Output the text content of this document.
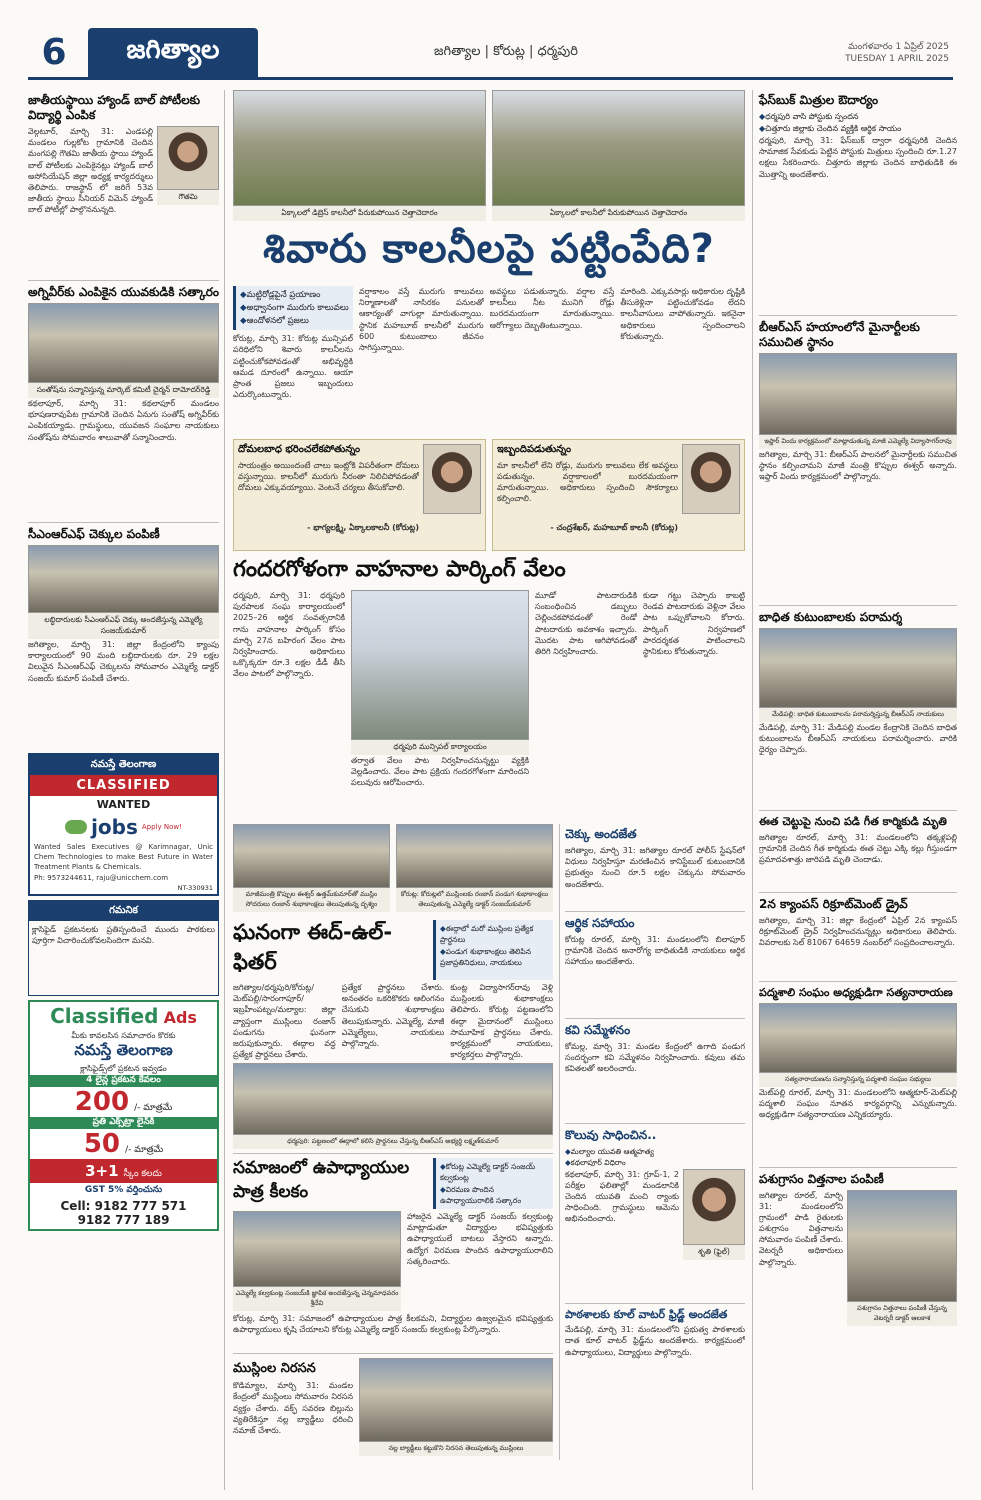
6	జగిత్యాల	జగిత్యాల | కోరుట్ల | ధర్మపురి	మంగళవారం 1 ఏప్రిల్ 2025
TUESDAY 1 APRIL 2025
జాతీయస్థాయి హ్యాండ్ బాల్ పోటీలకు విద్యార్థి ఎంపిక
వెల్గటూర్, మార్చి 31: ఎండపల్లి మండలం గుల్లకోట గ్రామానికి చెందిన మంగపల్లి గౌతమి జాతీయ స్థాయి హ్యాండ్ బాల్ పోటీలకు ఎంపికైనట్లు హ్యాండ్ బాల్ అసోసియేషన్ జిల్లా అధ్యక్ష కార్యదర్శులు తెలిపారు. రాజస్థాన్ లో జరిగే 53వ జాతీయ స్థాయి సీనియర్ విమెన్ హ్యాండ్ బాల్ పోటీల్లో పాల్గొననున్నది.
గౌతమి
అగ్నివీర్‌కు ఎంపికైన యువకుడికి సత్కారం
సంతోష్‌ను సన్మానిస్తున్న మార్కెట్ కమిటీ చైర్మన్ దామోదర్‌రెడ్డి
కథలాపూర్, మార్చి 31: కథలాపూర్ మండలం భూషణరావుపేట గ్రామానికి చెందిన ఏనుగు సంతోష్ అగ్నివీర్‌కు ఎంపికయ్యాడు. గ్రామస్థులు, యువజన సంఘాల నాయకులు సంతోష్‌ను సోమవారం శాలువాతో సన్మానించారు.
సీఎంఆర్ఎఫ్ చెక్కుల పంపిణీ
లబ్ధిదారులకు సీఎంఆర్ఎఫ్ చెక్కు అందజేస్తున్న ఎమ్మెల్యే సంజయ్‌కుమార్
జగిత్యాల, మార్చి 31: జిల్లా కేంద్రంలోని క్యాంపు కార్యాలయంలో 90 మంది లబ్ధిదారులకు రూ. 29 లక్షల విలువైన సీఎంఆర్ఎఫ్ చెక్కులను సోమవారం ఎమ్మెల్యే డాక్టర్ సంజయ్ కుమార్ పంపిణీ చేశారు.
నమస్తే తెలంగాణ
CLASSIFIED
WANTED
jobs Apply Now!
Wanted Sales Executives @ Karimnagar, Unic Chem Technologies to make Best Future in Water Treatment Plants & Chemicals.
Ph: 9573244611, raju@unicchem.com
NT-330931
గమనిక
క్లాసిఫైడ్ ప్రకటనలకు ప్రతిస్పందించే ముందు పాఠకులు పూర్తిగా విచారించుకోవలసిందిగా మనవి.
Classified Ads
మీకు కావలసిన సమాచారం కొరకు
నమస్తే తెలంగాణ
క్లాసిఫైడ్స్‌లో ప్రకటన ఇవ్వడం
4 లైన్ల ప్రకటన కేవలం
200 /- మాత్రమే
ప్రతి ఎక్స్‌ట్రా లైన్‌కి
50 /- మాత్రమే
3+1 స్కీం కలదు
GST 5% వర్తించును
Cell: 9182 777 571
9182 777 189
ఏక్కాలలో డిబ్రెస్ కాలనీలో పేరుకుపోయిన చెత్తాచెదారం	ఏక్కాలలో కాలనీలో పేరుకుపోయిన చెత్తాచెదారం
శివారు కాలనీలపై పట్టింపేది?
◆ మట్టిరోడ్లపైనే ప్రయాణం
◆ అధ్వానంగా మురుగు కాలువలు
◆ ఆందోళనలో ప్రజలు
కోరుట్ల, మార్చి 31: కోరుట్ల మున్సిపల్ పరిధిలోని శివారు కాలనీలను పట్టించుకోకపోవడంతో అభివృద్ధికి ఆమడ దూరంలో ఉన్నాయి. ఆయా ప్రాంత ప్రజలు ఇబ్బందులు ఎదుర్కొంటున్నారు.
వర్షాకాలం వస్తే మురుగు కాలువలు నిర్మాణాలతో నాసిరకం పనులతో ఆకార్యంతో వాగుల్లా మారుతున్నాయి. స్థానిక మహబూబ్ కాలనీలో మురుగు 600 కుటుంబాలు జీవనం సాగిస్తున్నాయి.
అవస్థలు పడుతున్నారు. వర్షాల వస్తే కాలనీలు నీట మునిగి రోడ్లు బురదమయంగా మారుతున్నాయి. ఆరోగ్యాలు దెబ్బతింటున్నాయి.
మారింది. ఎక్కువసార్లు అధికారుల దృష్టికి తీసుకెళ్లినా పట్టించుకోవడం లేదని కాలనీవాసులు వాపోతున్నారు. ఇకనైనా అధికారులు స్పందించాలని కోరుతున్నారు.
దోమలబాధ భరించలేకపోతున్నం
సాయంత్రం అయిందంటే చాలు ఇంట్లోకి విపరీతంగా దోమలు వస్తున్నాయి. కాలనీలో మురుగు నీరంతా నిలిచిపోవడంతో దోమలు ఎక్కువయ్యాయి. వెంటనే చర్యలు తీసుకోవాలి.
- భాగ్యలక్ష్మి, ఏక్కాలకాలనీ (కోరుట్ల)
ఇబ్బందిపడుతున్నం
మా కాలనీలో లేని రోడ్లు, మురుగు కాలువలు లేక అవస్థలు పడుతున్నం. వర్షాకాలంలో బురదమయంగా మారుతున్నాయి. అధికారులు స్పందించి సౌకర్యాలు కల్పించాలి.
- చంద్రశేఖర్, మహబూబ్ కాలనీ (కోరుట్ల)
గందరగోళంగా వాహనాల పార్కింగ్ వేలం
ధర్మపురి, మార్చి 31: ధర్మపురి పురపాలక సంఘ కార్యాలయంలో 2025–26 ఆర్థిక సంవత్సరానికి గాను వాహనాల పార్కింగ్ కోసం మార్చి 27న బహిరంగ వేలం పాట నిర్వహించారు. అధికారులు ఒక్కొక్కరూ రూ.3 లక్షల డీడీ తీసి వేలం పాటలో పాల్గొన్నారు.
ధర్మపురి మున్సిపల్ కార్యాలయం
తర్వాత వేలం పాట నిర్వహించనున్నట్టు వ్యక్తికి వెల్లడించారు. వేలం పాట ప్రక్రియ గందరగోళంగా మారిందని పలువురు ఆరోపించారు.
మూడో పాటదారుడికి సంబంధించిన డబ్బులు చెల్లించకపోవడంతో రెండో పాటదారుకు అవకాశం ఇచ్చారు. మొదట పాట ఆగిపోవడంతో తిరిగి నిర్వహించారు.
కుడా గట్టు చెప్పారు కాబట్టి రెండవ పాటదారుకు వెళ్లినా వేలం పాట ఒప్పుకోవాలని కోరారు. పార్కింగ్ నిర్వహణలో పారదర్శకత పాటించాలని స్థానికులు కోరుతున్నారు.
మాజీమంత్రి కొప్పుల ఈశ్వర్ ఉత్తమ్‌కుమార్‌తో ముస్లిం సోదరులు రంజాన్ శుభాకాంక్షలు తెలుపుతున్న దృశ్యం
కోరుట్ల: కోరుట్లలో ముస్లింలకు రంజాన్ పండుగ శుభాకాంక్షలు తెలుపుతున్న ఎమ్మెల్యే డాక్టర్ సంజయ్‌కుమార్
ఘనంగా ఈద్-ఉల్-ఫితర్
◆ ఈద్గాలో మరో ముస్లింల ప్రత్యేక ప్రార్థనలు
◆ పండుగ శుభాకాంక్షలు తెలిపిన ప్రజాప్రతినిధులు, నాయకులు
జగిత్యాల/ధర్మపురి/కోరుట్ల/మెట్‌పల్లి/సారంగాపూర్/ఇబ్రహీంపట్నం/మల్యాల: జిల్లా వ్యాప్తంగా ముస్లింలు రంజాన్ పండుగను ఘనంగా జరుపుకున్నారు. ఈద్గాల వద్ద ప్రత్యేక ప్రార్థనలు చేశారు.
ప్రత్యేక ప్రార్థనలు చేశారు. అనంతరం ఒకరికొకరు ఆలింగనం చేసుకుని శుభాకాంక్షలు తెలుపుకున్నారు. ఎమ్మెల్యే, మాజీ ఎమ్మెల్యేలు, నాయకులు పాల్గొన్నారు.
కుంట్ల విద్యాసాగర్‌రావు వెళ్లి ముస్లింలకు శుభాకాంక్షలు తెలిపారు. కోరుట్ల పట్టణంలోని ఈద్గా మైదానంలో ముస్లింలు సామూహిక ప్రార్థనలు చేశారు. కార్యక్రమంలో నాయకులు, కార్యకర్తలు పాల్గొన్నారు.
ధర్మపురి: పట్టణంలో ఈద్గాలో కలిసి ప్రార్థనలు చేస్తున్న బీఆర్ఎస్ అభ్యర్థి లక్ష్మణ్‌కుమార్
సమాజంలో ఉపాధ్యాయుల పాత్ర కీలకం
◆ కోరుట్ల ఎమ్మెల్యే డాక్టర్ సంజయ్ కల్వకుంట్ల
◆ విరమణ పొందిన ఉపాధ్యాయురాలికి సత్కారం
ఎమ్మెల్యే కల్వకుంట్ల సంజయ్‌కి జ్ఞాపిక అందజేస్తున్న చెన్నమాధవరం శ్రీదేవి
హాజరైన ఎమ్మెల్యే డాక్టర్ సంజయ్ కల్వకుంట్ల మాట్లాడుతూ విద్యార్థుల భవిష్యత్తుకు ఉపాధ్యాయులే బాటలు వేస్తారని అన్నారు. ఉద్యోగ విరమణ పొందిన ఉపాధ్యాయురాలిని సత్కరించారు.
కోరుట్ల, మార్చి 31: సమాజంలో ఉపాధ్యాయుల పాత్ర కీలకమని, విద్యార్థుల ఉజ్వలమైన భవిష్యత్తుకు ఉపాధ్యాయులు కృషి చేయాలని కోరుట్ల ఎమ్మెల్యే డాక్టర్ సంజయ్ కల్వకుంట్ల పేర్కొన్నారు.
ముస్లింల నిరసన
కొడిమ్యాల, మార్చి 31: మండల కేంద్రంలో ముస్లింలు సోమవారం నిరసన వ్యక్తం చేశారు. వక్ఫ్ సవరణ బిల్లును వ్యతిరేకిస్తూ నల్ల బ్యాడ్జీలు ధరించి నమాజ్ చేశారు.
నల్ల బ్యాడ్జీలు కట్టుకొని నిరసన తెలుపుతున్న ముస్లింలు
చెక్కు అందజేత
జగిత్యాల, మార్చి 31: జగిత్యాల రూరల్ పోలీస్ స్టేషన్‌లో విధులు నిర్వహిస్తూ మరణించిన కానిస్టేబుల్ కుటుంబానికి ప్రభుత్వం నుంచి రూ.5 లక్షల చెక్కును సోమవారం అందజేశారు.
ఆర్థిక సహాయం
కోరుట్ల రూరల్, మార్చి 31: మండలంలోని బిలాపూర్ గ్రామానికి చెందిన అనారోగ్య బాధితుడికి నాయకులు ఆర్థిక సహాయం అందజేశారు.
కవి సమ్మేళనం
కోమల్ల, మార్చి 31: మండల కేంద్రంలో ఉగాది పండుగ సందర్భంగా కవి సమ్మేళనం నిర్వహించారు. కవులు తమ కవితలతో అలరించారు.
కొలువు సాధించిన..
◆ మల్యాల యువతి ఆత్మహత్య
◆ కథలాపూర్ విధిరాం
కథలాపూర్, మార్చి 31: గ్రూప్-1, 2 పరీక్షల ఫలితాల్లో మండలానికి చెందిన యువతి మంచి ర్యాంకు సాధించింది. గ్రామస్థులు ఆమెను అభినందించారు.
శృతి (ఫైల్)
పాఠశాలకు కూల్ వాటర్ ఫ్రిడ్జ్ అందజేత
మేడిపల్లి, మార్చి 31: మండలంలోని ప్రభుత్వ పాఠశాలకు దాత కూల్ వాటర్ ఫ్రిడ్జ్‌ను అందజేశారు. కార్యక్రమంలో ఉపాధ్యాయులు, విద్యార్థులు పాల్గొన్నారు.
ఫేస్‌బుక్ మిత్రుల ఔదార్యం
◆ ధర్మపురి వాసి పోస్టుకు స్పందన
◆ చిత్తూరు జిల్లాకు చెందిన వ్యక్తికి ఆర్థిక సాయం
ధర్మపురి, మార్చి 31: ఫేస్‌బుక్ ద్వారా ధర్మపురికి చెందిన సామాజిక సేవకుడు పెట్టిన పోస్టుకు మిత్రులు స్పందించి రూ.1.27 లక్షలు సేకరించారు. చిత్తూరు జిల్లాకు చెందిన బాధితుడికి ఈ మొత్తాన్ని అందజేశారు.
బీఆర్ఎస్ హయాంలోనే మైనార్టీలకు సముచిత స్థానం
ఇఫ్తార్ విందు కార్యక్రమంలో మాట్లాడుతున్న మాజీ ఎమ్మెల్యే విద్యాసాగర్‌రావు
జగిత్యాల, మార్చి 31: బీఆర్ఎస్ పాలనలో మైనార్టీలకు సముచిత స్థానం కల్పించామని మాజీ మంత్రి కొప్పుల ఈశ్వర్ అన్నారు. ఇఫ్తార్ విందు కార్యక్రమంలో పాల్గొన్నారు.
బాధిత కుటుంబాలకు పరామర్శ
మేడిపల్లి: బాధిత కుటుంబాలను పరామర్శిస్తున్న బీఆర్ఎస్ నాయకులు
మేడిపల్లి, మార్చి 31: మేడిపల్లి మండల కేంద్రానికి చెందిన బాధిత కుటుంబాలను బీఆర్ఎస్ నాయకులు పరామర్శించారు. వారికి ధైర్యం చెప్పారు.
ఈత చెట్టుపై నుంచి పడి గీత కార్మికుడి మృతి
జగిత్యాల రూరల్, మార్చి 31: మండలంలోని తక్కళ్లపల్లి గ్రామానికి చెందిన గీత కార్మికుడు ఈత చెట్టు ఎక్కి కల్లు గీస్తుండగా ప్రమాదవశాత్తు జారిపడి మృతి చెందాడు.
2న క్యాంపస్ రిక్రూట్‌మెంట్ డ్రైవ్
జగిత్యాల, మార్చి 31: జిల్లా కేంద్రంలో ఏప్రిల్ 2న క్యాంపస్ రిక్రూట్‌మెంట్ డ్రైవ్ నిర్వహించనున్నట్లు అధికారులు తెలిపారు. వివరాలకు సెల్ 81067 64659 నంబర్‌లో సంప్రదించాలన్నారు.
పద్మశాలి సంఘం అధ్యక్షుడిగా సత్యనారాయణ
సత్యనారాయణను సన్మానిస్తున్న పద్మశాలి సంఘం సభ్యులు
మెట్‌పల్లి రూరల్, మార్చి 31: మండలంలోని ఆత్మకూర్-మెట్‌పల్లి పద్మశాలి సంఘం నూతన కార్యవర్గాన్ని ఎన్నుకున్నారు. అధ్యక్షుడిగా సత్యనారాయణ ఎన్నికయ్యారు.
పశుగ్రాసం విత్తనాల పంపిణీ
జగిత్యాల రూరల్, మార్చి 31: మండలంలోని గ్రామంలో పాడి రైతులకు పశుగ్రాసం విత్తనాలను సోమవారం పంపిణీ చేశారు. వెటర్నరీ అధికారులు పాల్గొన్నారు.
పశుగ్రాసం విత్తనాలు పంపిణీ చేస్తున్న వెటర్నరీ డాక్టర్ ఆలకాశ
